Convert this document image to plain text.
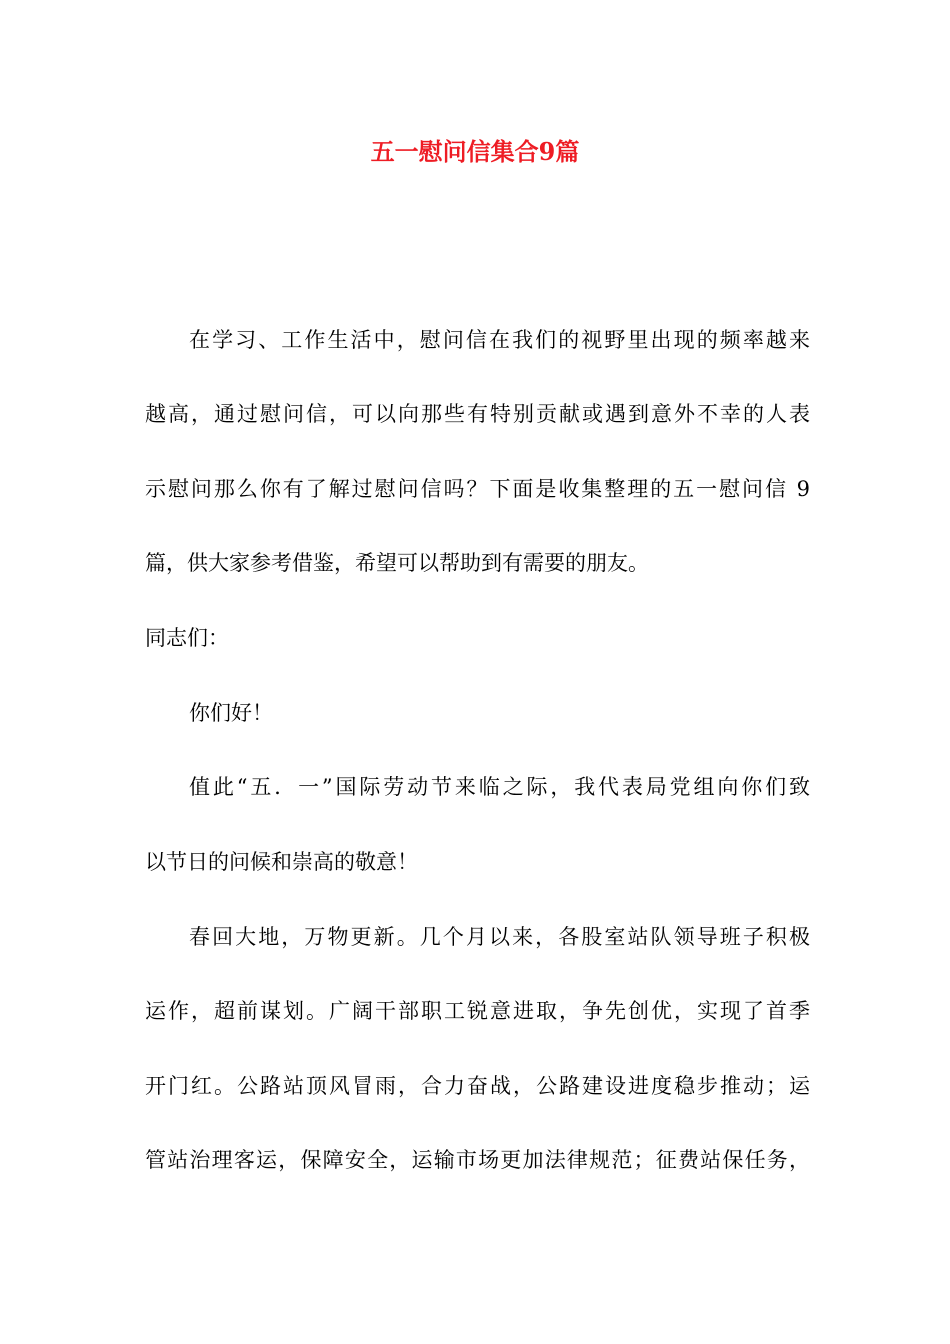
五一慰问信集合9篇
在学习、工作生活中，慰问信在我们的视野里出现的频率越来
越高，通过慰问信，可以向那些有特别贡献或遇到意外不幸的人表
示慰问那么你有了解过慰问信吗？下面是收集整理的五一慰问信 9
篇，供大家参考借鉴，希望可以帮助到有需要的朋友。
同志们：
你们好！
值此“五．一”国际劳动节来临之际，我代表局党组向你们致
以节日的问候和崇高的敬意！
春回大地，万物更新。几个月以来，各股室站队领导班子积极
运作，超前谋划。广阔干部职工锐意进取，争先创优，实现了首季
开门红。公路站顶风冒雨，合力奋战，公路建设进度稳步推动；运
管站治理客运，保障安全，运输市场更加法律规范；征费站保任务，
